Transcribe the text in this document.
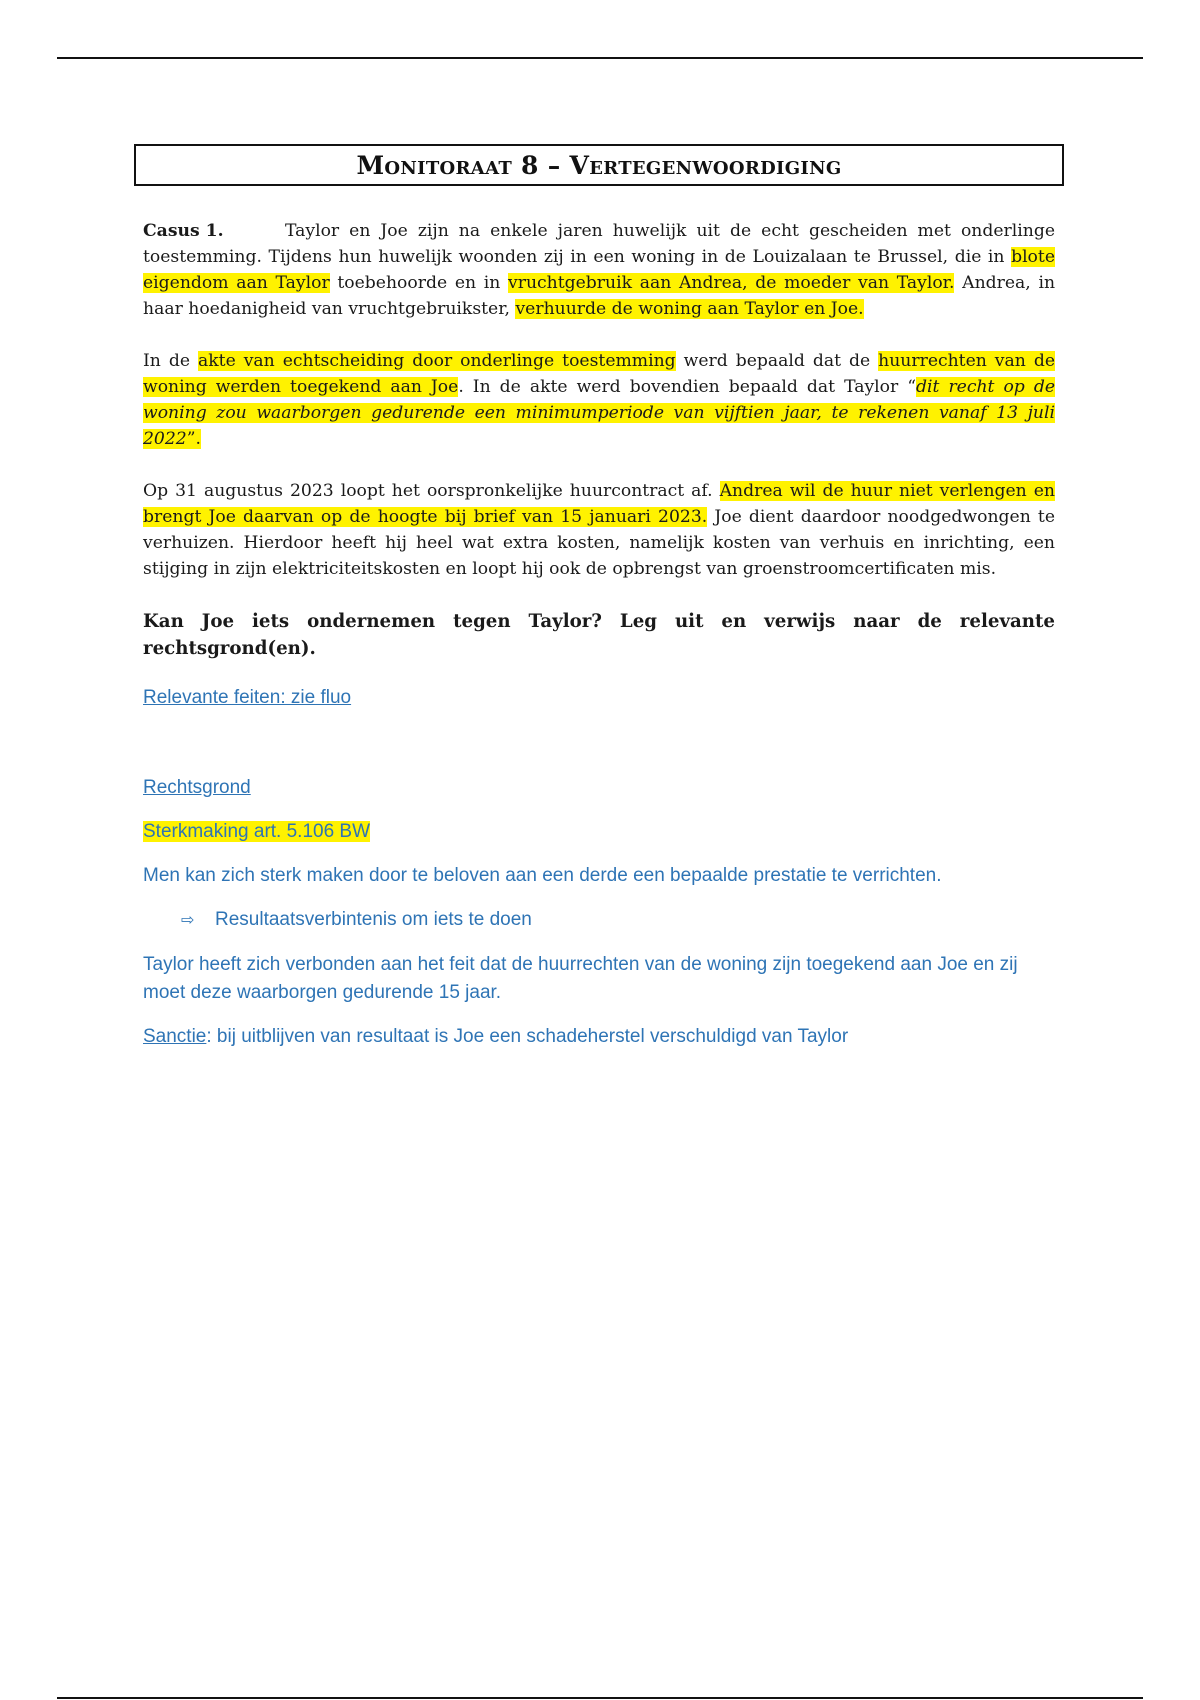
Monitoraat 8 – Vertegenwoordiging

Casus 1.	Taylor en Joe zijn na enkele jaren huwelijk uit de echt gescheiden met onderlinge toestemming. Tijdens hun huwelijk woonden zij in een woning in de Louizalaan te Brussel, die in blote eigendom aan Taylor toebehoorde en in vruchtgebruik aan Andrea, de moeder van Taylor. Andrea, in haar hoedanigheid van vruchtgebruikster, verhuurde de woning aan Taylor en Joe.

In de akte van echtscheiding door onderlinge toestemming werd bepaald dat de huurrechten van de woning werden toegekend aan Joe. In de akte werd bovendien bepaald dat Taylor “dit recht op de woning zou waarborgen gedurende een minimumperiode van vijftien jaar, te rekenen vanaf 13 juli 2022”.

Op 31 augustus 2023 loopt het oorspronkelijke huurcontract af. Andrea wil de huur niet verlengen en brengt Joe daarvan op de hoogte bij brief van 15 januari 2023. Joe dient daardoor noodgedwongen te verhuizen. Hierdoor heeft hij heel wat extra kosten, namelijk kosten van verhuis en inrichting, een stijging in zijn elektriciteitskosten en loopt hij ook de opbrengst van groenstroomcertificaten mis.

Kan Joe iets ondernemen tegen Taylor? Leg uit en verwijs naar de relevante rechtsgrond(en).

Relevante feiten: zie fluo

Rechtsgrond

Sterkmaking art. 5.106 BW

Men kan zich sterk maken door te beloven aan een derde een bepaalde prestatie te verrichten.

⇨ Resultaatsverbintenis om iets te doen

Taylor heeft zich verbonden aan het feit dat de huurrechten van de woning zijn toegekend aan Joe en zij moet deze waarborgen gedurende 15 jaar.

Sanctie: bij uitblijven van resultaat is Joe een schadeherstel verschuldigd van Taylor
